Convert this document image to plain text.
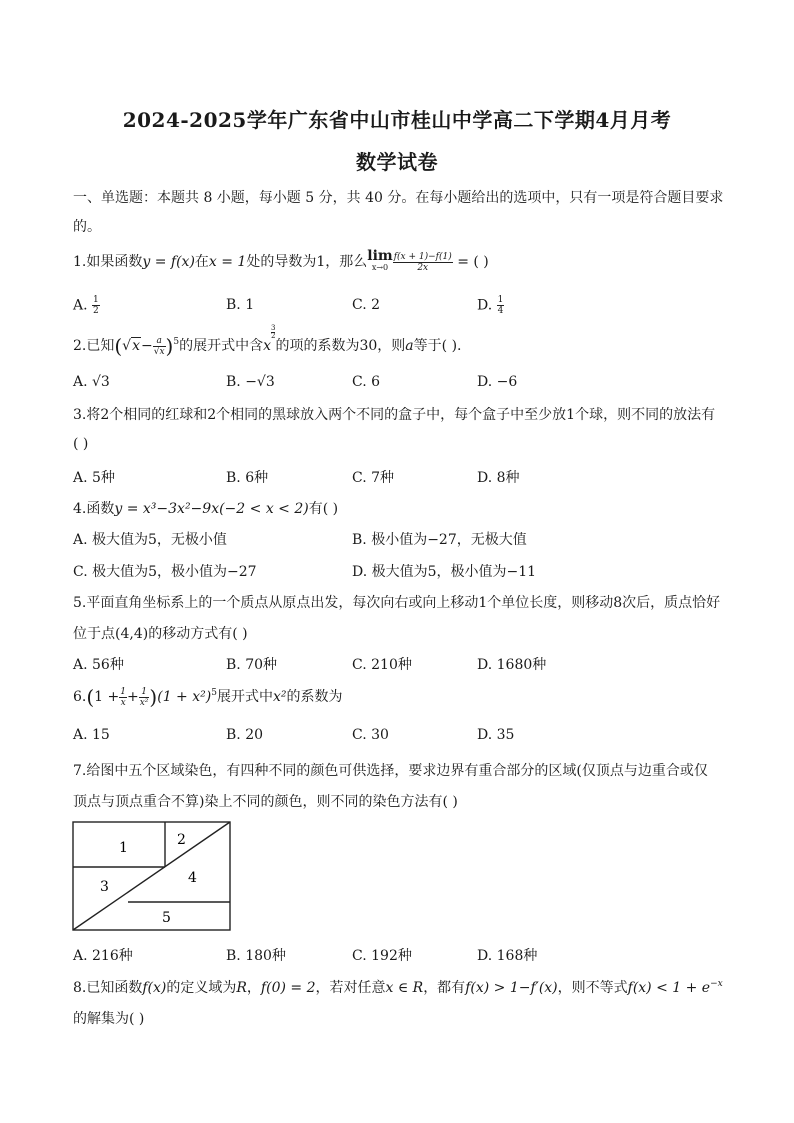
2024-2025学年广东省中山市桂山中学高二下学期4月月考
数学试卷
一、单选题：本题共 8 小题，每小题 5 分，共 40 分。在每小题给出的选项中，只有一项是符合题目要求
的。
1.如果函数y = f(x)在x = 1处的导数为1，那么 lim
$x\to 0 \frac{f(x + 1)-f(1)}{2x}$ = ( )
A. $\frac{1}{2}$	B. 1	C. 2	D. $\frac{1}{4}$
2.已知$(√x- \frac{a}{√x} )^5$的展开式中含x
$\frac{3}{2}$
的项的系数为30，则a等于( ).
A. √3	B. −√3	C. 6	D. −6
3.将2个相同的红球和2个相同的黑球放入两个不同的盒子中，每个盒子中至少放1个球，则不同的放法有
( )
A. 5种	B. 6种	C. 7种	D. 8种
4.函数y = x³−3x²−9x(−2 < x < 2)有( )
A. 极大值为5，无极小值	B. 极小值为−27，无极大值
C. 极大值为5，极小值为−27	D. 极大值为5，极小值为−11
5.平面直角坐标系上的一个质点从原点出发，每次向右或向上移动1个单位长度，则移动8次后，质点恰好
位于点(4,4)的移动方式有( )
A. 56种	B. 70种	C. 210种	D. 1680种
$6.(1 + \frac{1}{x} + \frac{1}{\text{x²}} )(1 + x^2)^5$展开式中x²的系数为
A. 15	B. 20	C. 30	D. 35
7.给图中五个区域染色，有四种不同的颜色可供选择，要求边界有重合部分的区域(仅顶点与边重合或仅
顶点与顶点重合不算)染上不同的颜色，则不同的染色方法有( )
1	2
3
4
5
A. 216种	B. 180种	C. 192种	D. 168种
8.已知函数f(x)的定义域为R，f(0) = 2，若对任意x ∈ R，都有f(x) > 1−f′(x)，则不等式$f(x) < 1 + e^{-x}$
的解集为( )
